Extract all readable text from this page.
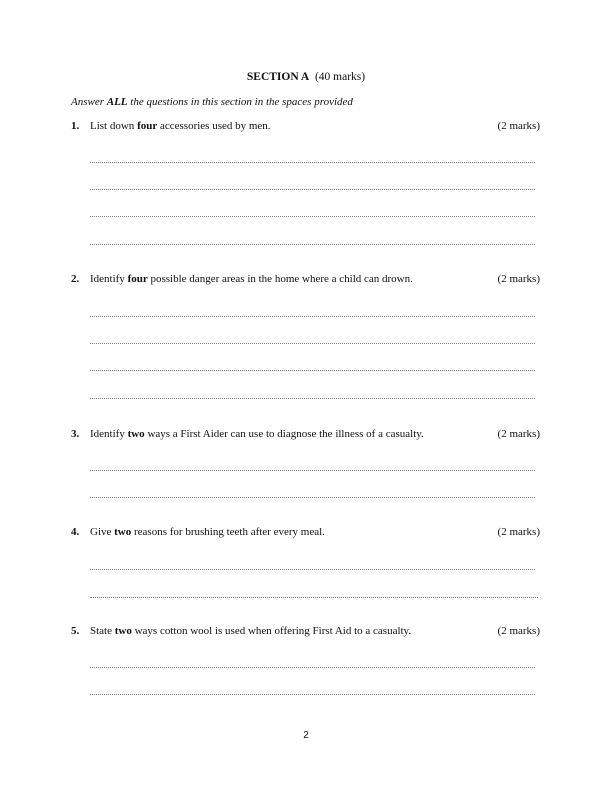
SECTION A (40 marks)
Answer ALL the questions in this section in the spaces provided
1. List down four accessories used by men.	(2 marks)
2. Identify four possible danger areas in the home where a child can drown.	(2 marks)
3. Identify two ways a First Aider can use to diagnose the illness of a casualty.	(2 marks)
4. Give two reasons for brushing teeth after every meal.	(2 marks)
5. State two ways cotton wool is used when offering First Aid to a casualty.	(2 marks)
2
